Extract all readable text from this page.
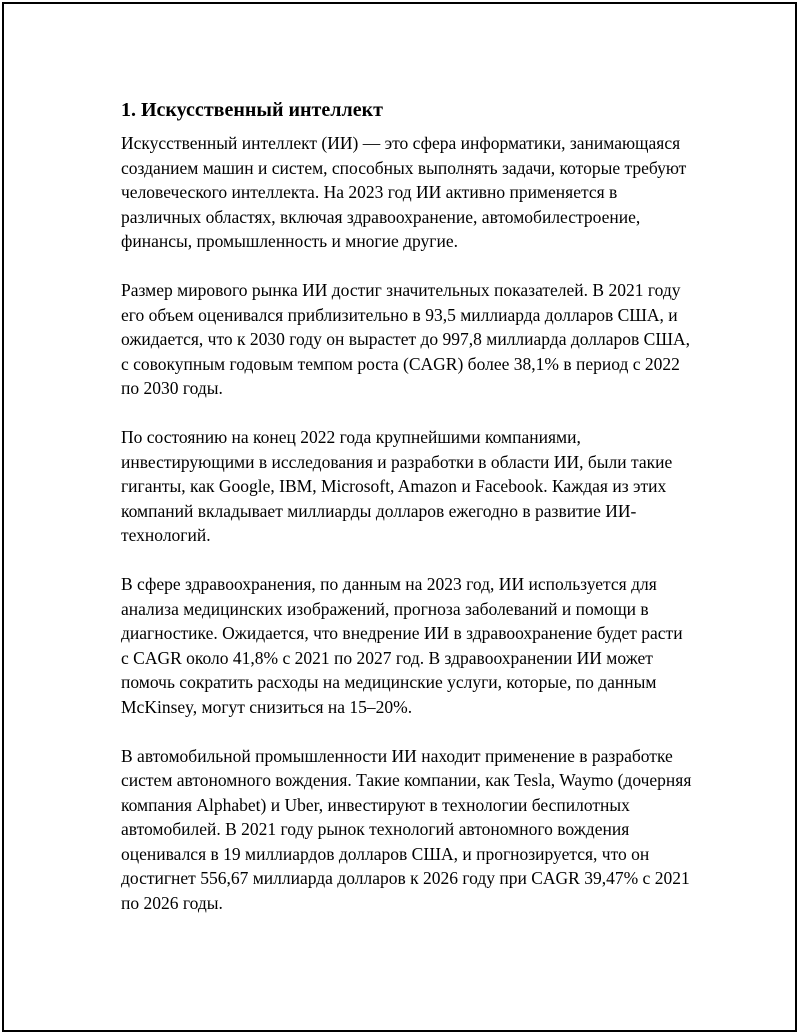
1. Искусственный интеллект

Искусственный интеллект (ИИ) — это сфера информатики, занимающаяся созданием машин и систем, способных выполнять задачи, которые требуют человеческого интеллекта. На 2023 год ИИ активно применяется в различных областях, включая здравоохранение, автомобилестроение, финансы, промышленность и многие другие.

Размер мирового рынка ИИ достиг значительных показателей. В 2021 году его объем оценивался приблизительно в 93,5 миллиарда долларов США, и ожидается, что к 2030 году он вырастет до 997,8 миллиарда долларов США, с совокупным годовым темпом роста (CAGR) более 38,1% в период с 2022 по 2030 годы.

По состоянию на конец 2022 года крупнейшими компаниями, инвестирующими в исследования и разработки в области ИИ, были такие гиганты, как Google, IBM, Microsoft, Amazon и Facebook. Каждая из этих компаний вкладывает миллиарды долларов ежегодно в развитие ИИ-технологий.

В сфере здравоохранения, по данным на 2023 год, ИИ используется для анализа медицинских изображений, прогноза заболеваний и помощи в диагностике. Ожидается, что внедрение ИИ в здравоохранение будет расти с CAGR около 41,8% с 2021 по 2027 год. В здравоохранении ИИ может помочь сократить расходы на медицинские услуги, которые, по данным McKinsey, могут снизиться на 15–20%.

В автомобильной промышленности ИИ находит применение в разработке систем автономного вождения. Такие компании, как Tesla, Waymo (дочерняя компания Alphabet) и Uber, инвестируют в технологии беспилотных автомобилей. В 2021 году рынок технологий автономного вождения оценивался в 19 миллиардов долларов США, и прогнозируется, что он достигнет 556,67 миллиарда долларов к 2026 году при CAGR 39,47% с 2021 по 2026 годы.
